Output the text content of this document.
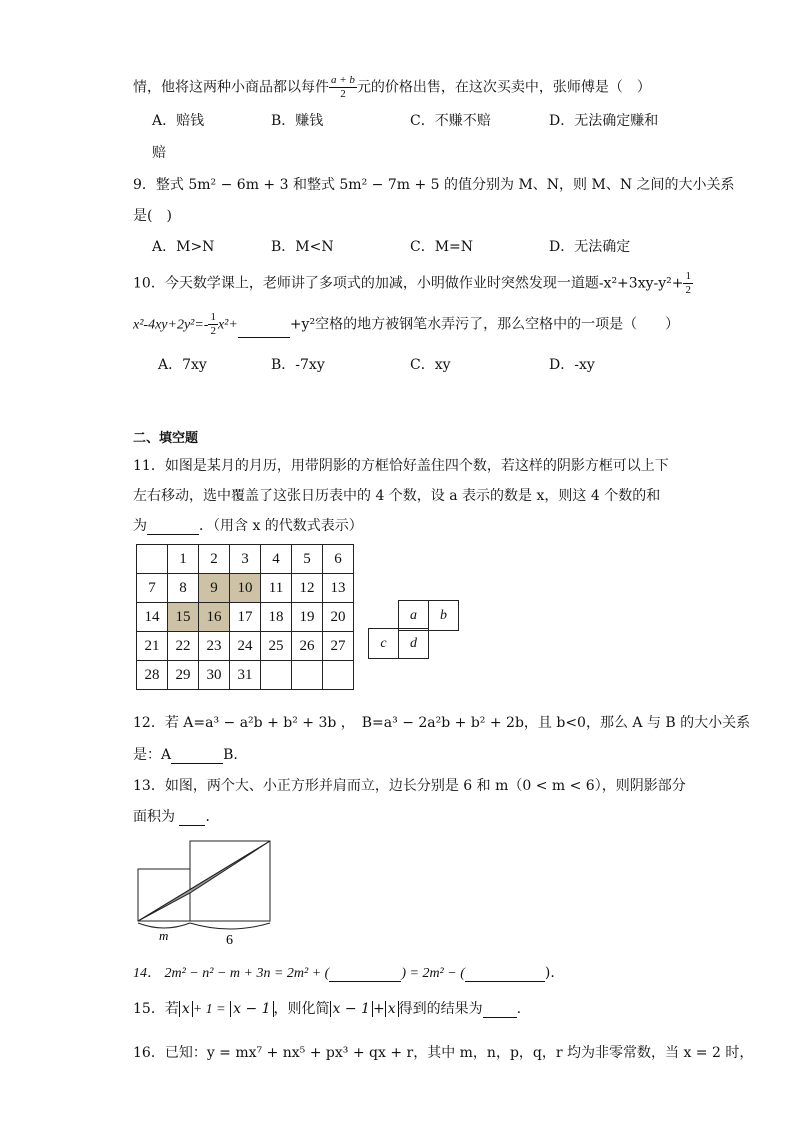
情，他将这两种小商品都以每件 $\frac{a + b}{2}$ 元的价格出售，在这次买卖中，张师傅是（　）
A．赔钱	B．赚钱	C．不赚不赔	D．无法确定赚和
赔
9．整式 5m² − 6m + 3 和整式 5m² − 7m + 5 的值分别为 M、N，则 M、N 之间的大小关系
是(　)
A．M>N	B．M<N	C．M=N	D．无法确定
10．今天数学课上，老师讲了多项式的加减，小明做作业时突然发现一道题$-x^2+3xy-y^2+ \frac{1}{2}$
$x^2-4xy+2y^2=- \frac{1}{2} x^2+$	+y²空格的地方被钢笔水弄污了，那么空格中的一项是（　　）
A．7xy	B．-7xy	C．xy	D．-xy
二、填空题
11．如图是某月的月历，用带阴影的方框恰好盖住四个数，若这样的阴影方框可以上下
左右移动，选中覆盖了这张日历表中的 4 个数，设 a 表示的数是 x，则这 4 个数的和
为	．（用含 x 的代数式表示）
	1	2	3	4	5	6
7	8	9	10	11	12	13
14	15	16	17	18	19	20
21	22	23	24	25	26	27
28	29	30	31			
a	b
c	d
12．若 A=a³ − a²b + b² + 3b ，　B=a³ − 2a²b + b² + 2b，且 b<0，那么 A 与 B 的大小关系
是：A	B.
13．如图，两个大、小正方形并肩而立，边长分别是 6 和 m（0 < m < 6），则阴影部分
面积为 ．
m	6
14． 2m² − n² − m + 3n = 2m² + (	) = 2m² − (	).
15．若 x + 1 = x − 1 ，则化简 x − 1 + x 得到的结果为 .
16．已知：y = mx⁷ + nx⁵ + px³ + qx + r，其中 m，n，p，q，r 均为非零常数，当 x = 2 时，
